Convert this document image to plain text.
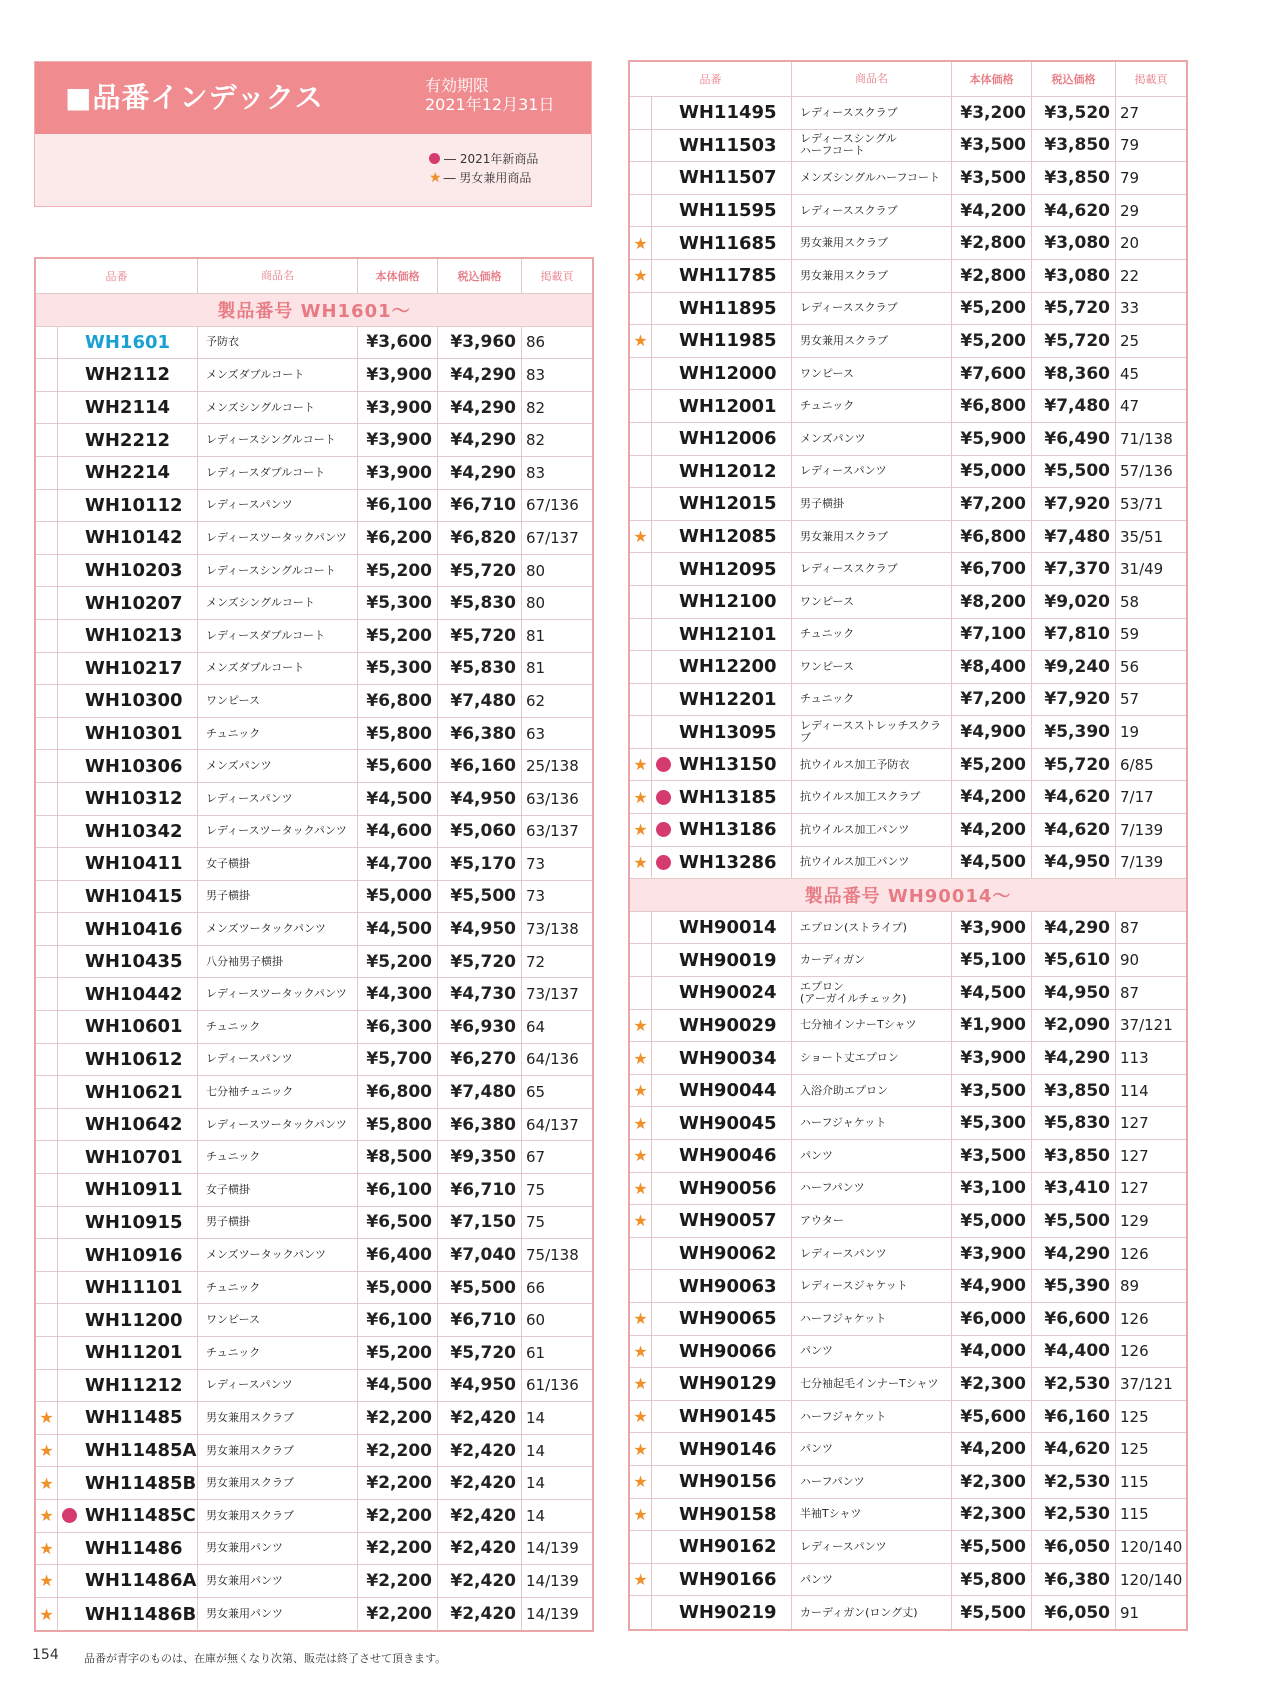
■品番インデックス	有効期限
2021年12月31日
― 2021年新商品
★ ― 男女兼用商品
品番	商品名	本体価格	税込価格	掲載頁
製品番号 WH1601～
WH1601	予防衣	¥3,600	¥3,960 86
WH2112	メンズダブルコート	¥3,900	¥4,290 83
WH2114	メンズシングルコート	¥3,900	¥4,290 82
WH2212	レディースシングルコート	¥3,900	¥4,290 82
WH2214	レディースダブルコート	¥3,900	¥4,290 83
WH10112	レディースパンツ	¥6,100	¥6,710 67/136
WH10142	レディースツータックパンツ	¥6,200	¥6,820 67/137
WH10203	レディースシングルコート	¥5,200	¥5,720 80
WH10207	メンズシングルコート	¥5,300	¥5,830 80
WH10213	レディースダブルコート	¥5,200	¥5,720 81
WH10217	メンズダブルコート	¥5,300	¥5,830 81
WH10300	ワンピース	¥6,800	¥7,480 62
WH10301	チュニック	¥5,800	¥6,380 63
WH10306	メンズパンツ	¥5,600	¥6,160 25/138
WH10312	レディースパンツ	¥4,500	¥4,950 63/136
WH10342	レディースツータックパンツ	¥4,600	¥5,060 63/137
WH10411	女子横掛	¥4,700	¥5,170 73
WH10415	男子横掛	¥5,000	¥5,500 73
WH10416	メンズツータックパンツ	¥4,500	¥4,950 73/138
WH10435	八分袖男子横掛	¥5,200	¥5,720 72
WH10442	レディースツータックパンツ	¥4,300	¥4,730 73/137
WH10601	チュニック	¥6,300	¥6,930 64
WH10612	レディースパンツ	¥5,700	¥6,270 64/136
WH10621	七分袖チュニック	¥6,800	¥7,480 65
WH10642	レディースツータックパンツ	¥5,800	¥6,380 64/137
WH10701	チュニック	¥8,500	¥9,350 67
WH10911	女子横掛	¥6,100	¥6,710 75
WH10915	男子横掛	¥6,500	¥7,150 75
WH10916	メンズツータックパンツ	¥6,400	¥7,040 75/138
WH11101	チュニック	¥5,000	¥5,500 66
WH11200	ワンピース	¥6,100	¥6,710 60
WH11201	チュニック	¥5,200	¥5,720 61
WH11212	レディースパンツ	¥4,500	¥4,950 61/136
★ WH11485	男女兼用スクラブ	¥2,200	¥2,420 14
★ WH11485A 男女兼用スクラブ	¥2,200	¥2,420 14
★ WH11485B 男女兼用スクラブ	¥2,200	¥2,420 14
★ WH11485C 男女兼用スクラブ	¥2,200	¥2,420 14
★ WH11486	男女兼用パンツ	¥2,200	¥2,420 14/139
★ WH11486A 男女兼用パンツ	¥2,200	¥2,420 14/139
★ WH11486B 男女兼用パンツ	¥2,200	¥2,420 14/139
品番	商品名	本体価格	税込価格	掲載頁
WH11495	レディーススクラブ	¥3,200	¥3,520 27
WH11503	レディースシングル
ハーフコート	¥3,500	¥3,850 79
WH11507	メンズシングルハーフコート	¥3,500	¥3,850 79
WH11595	レディーススクラブ	¥4,200	¥4,620 29
★ WH11685	男女兼用スクラブ	¥2,800	¥3,080 20
★ WH11785	男女兼用スクラブ	¥2,800	¥3,080 22
WH11895	レディーススクラブ	¥5,200	¥5,720 33
★ WH11985	男女兼用スクラブ	¥5,200	¥5,720 25
WH12000	ワンピース	¥7,600	¥8,360 45
WH12001	チュニック	¥6,800	¥7,480 47
WH12006	メンズパンツ	¥5,900	¥6,490 71/138
WH12012	レディースパンツ	¥5,000	¥5,500 57/136
WH12015	男子横掛	¥7,200	¥7,920 53/71
★ WH12085	男女兼用スクラブ	¥6,800	¥7,480 35/51
WH12095	レディーススクラブ	¥6,700	¥7,370 31/49
WH12100	ワンピース	¥8,200	¥9,020 58
WH12101	チュニック	¥7,100	¥7,810 59
WH12200	ワンピース	¥8,400	¥9,240 56
WH12201	チュニック	¥7,200	¥7,920 57
WH13095	レディースストレッチスクラブ	¥4,900	¥5,390 19
★ WH13150	抗ウイルス加工予防衣	¥5,200	¥5,720 6/85
★ WH13185	抗ウイルス加工スクラブ	¥4,200	¥4,620 7/17
★ WH13186	抗ウイルス加工パンツ	¥4,200	¥4,620 7/139
★ WH13286	抗ウイルス加工パンツ	¥4,500	¥4,950 7/139
製品番号 WH90014～
WH90014	エプロン(ストライプ)	¥3,900	¥4,290 87
WH90019	カーディガン	¥5,100	¥5,610 90
WH90024	エプロン
(アーガイルチェック)	¥4,500	¥4,950 87
★ WH90029	七分袖インナーTシャツ	¥1,900	¥2,090 37/121
★ WH90034	ショート丈エプロン	¥3,900	¥4,290 113
★ WH90044	入浴介助エプロン	¥3,500	¥3,850 114
★ WH90045	ハーフジャケット	¥5,300	¥5,830 127
★ WH90046	パンツ	¥3,500	¥3,850 127
★ WH90056	ハーフパンツ	¥3,100	¥3,410 127
★ WH90057	アウター	¥5,000	¥5,500 129
WH90062	レディースパンツ	¥3,900	¥4,290 126
WH90063	レディースジャケット	¥4,900	¥5,390 89
★ WH90065	ハーフジャケット	¥6,000	¥6,600 126
★ WH90066	パンツ	¥4,000	¥4,400 126
★ WH90129	七分袖起毛インナーTシャツ	¥2,300	¥2,530 37/121
★ WH90145	ハーフジャケット	¥5,600	¥6,160 125
★ WH90146	パンツ	¥4,200	¥4,620 125
★ WH90156	ハーフパンツ	¥2,300	¥2,530 115
★ WH90158	半袖Tシャツ	¥2,300	¥2,530 115
WH90162	レディースパンツ	¥5,500	¥6,050 120/140
★ WH90166	パンツ	¥5,800	¥6,380 120/140
WH90219	カーディガン(ロング丈)	¥5,500	¥6,050 91
154 品番が青字のものは、在庫が無くなり次第、販売は終了させて頂きます。
